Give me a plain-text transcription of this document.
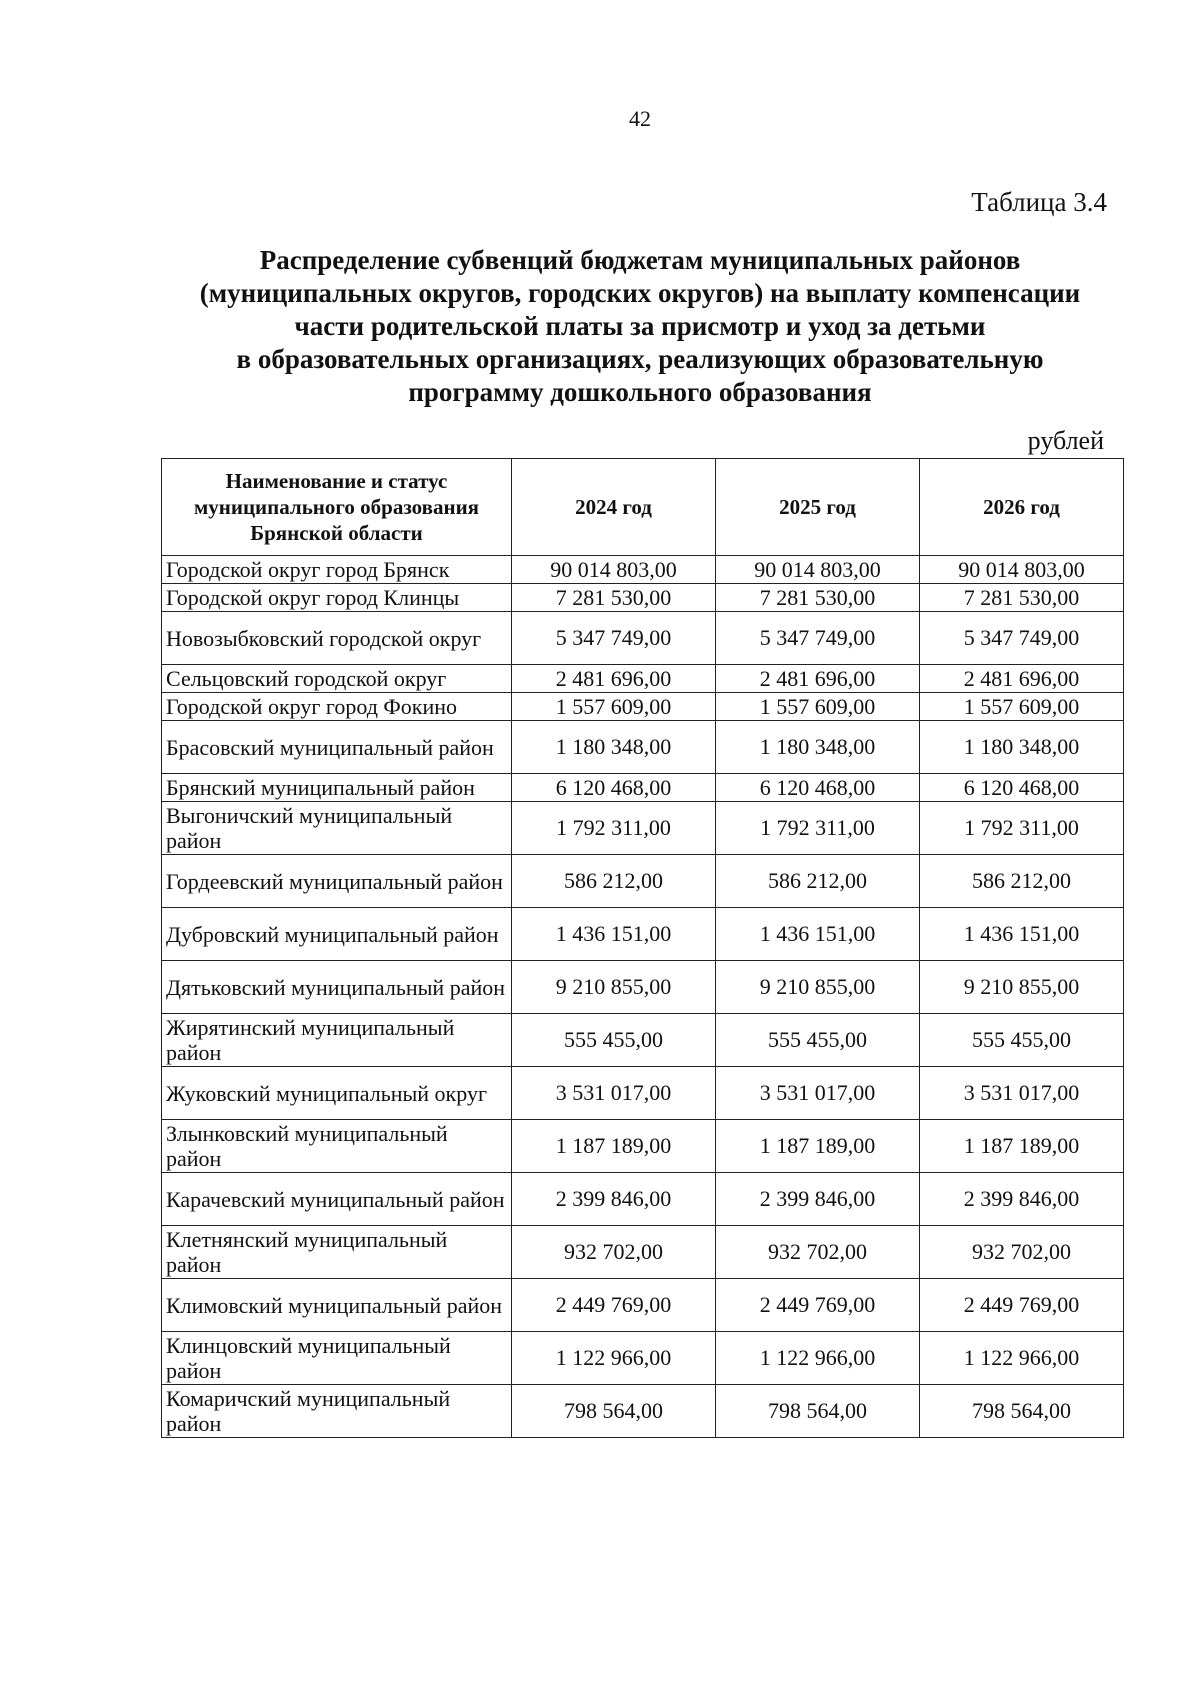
42
Таблица 3.4
Распределение субвенций бюджетам муниципальных районов
(муниципальных округов, городских округов) на выплату компенсации
части родительской платы за присмотр и уход за детьми
в образовательных организациях, реализующих образовательную
программу дошкольного образования
рублей
Наименование и статус
муниципального образования
Брянской области	2024 год	2025 год	2026 год
Городской округ город Брянск	90 014 803,00	90 014 803,00	90 014 803,00
Городской округ город Клинцы	7 281 530,00	7 281 530,00	7 281 530,00
Новозыбковский городской округ	5 347 749,00	5 347 749,00	5 347 749,00
Сельцовский городской округ	2 481 696,00	2 481 696,00	2 481 696,00
Городской округ город Фокино	1 557 609,00	1 557 609,00	1 557 609,00
Брасовский муниципальный район	1 180 348,00	1 180 348,00	1 180 348,00
Брянский муниципальный район	6 120 468,00	6 120 468,00	6 120 468,00
Выгоничский муниципальный район	1 792 311,00	1 792 311,00	1 792 311,00
Гордеевский муниципальный район	586 212,00	586 212,00	586 212,00
Дубровский муниципальный район	1 436 151,00	1 436 151,00	1 436 151,00
Дятьковский муниципальный район	9 210 855,00	9 210 855,00	9 210 855,00
Жирятинский муниципальный район	555 455,00	555 455,00	555 455,00
Жуковский муниципальный округ	3 531 017,00	3 531 017,00	3 531 017,00
Злынковский муниципальный район	1 187 189,00	1 187 189,00	1 187 189,00
Карачевский муниципальный район	2 399 846,00	2 399 846,00	2 399 846,00
Клетнянский муниципальный район	932 702,00	932 702,00	932 702,00
Климовский муниципальный район	2 449 769,00	2 449 769,00	2 449 769,00
Клинцовский муниципальный район	1 122 966,00	1 122 966,00	1 122 966,00
Комаричский муниципальный район	798 564,00	798 564,00	798 564,00
